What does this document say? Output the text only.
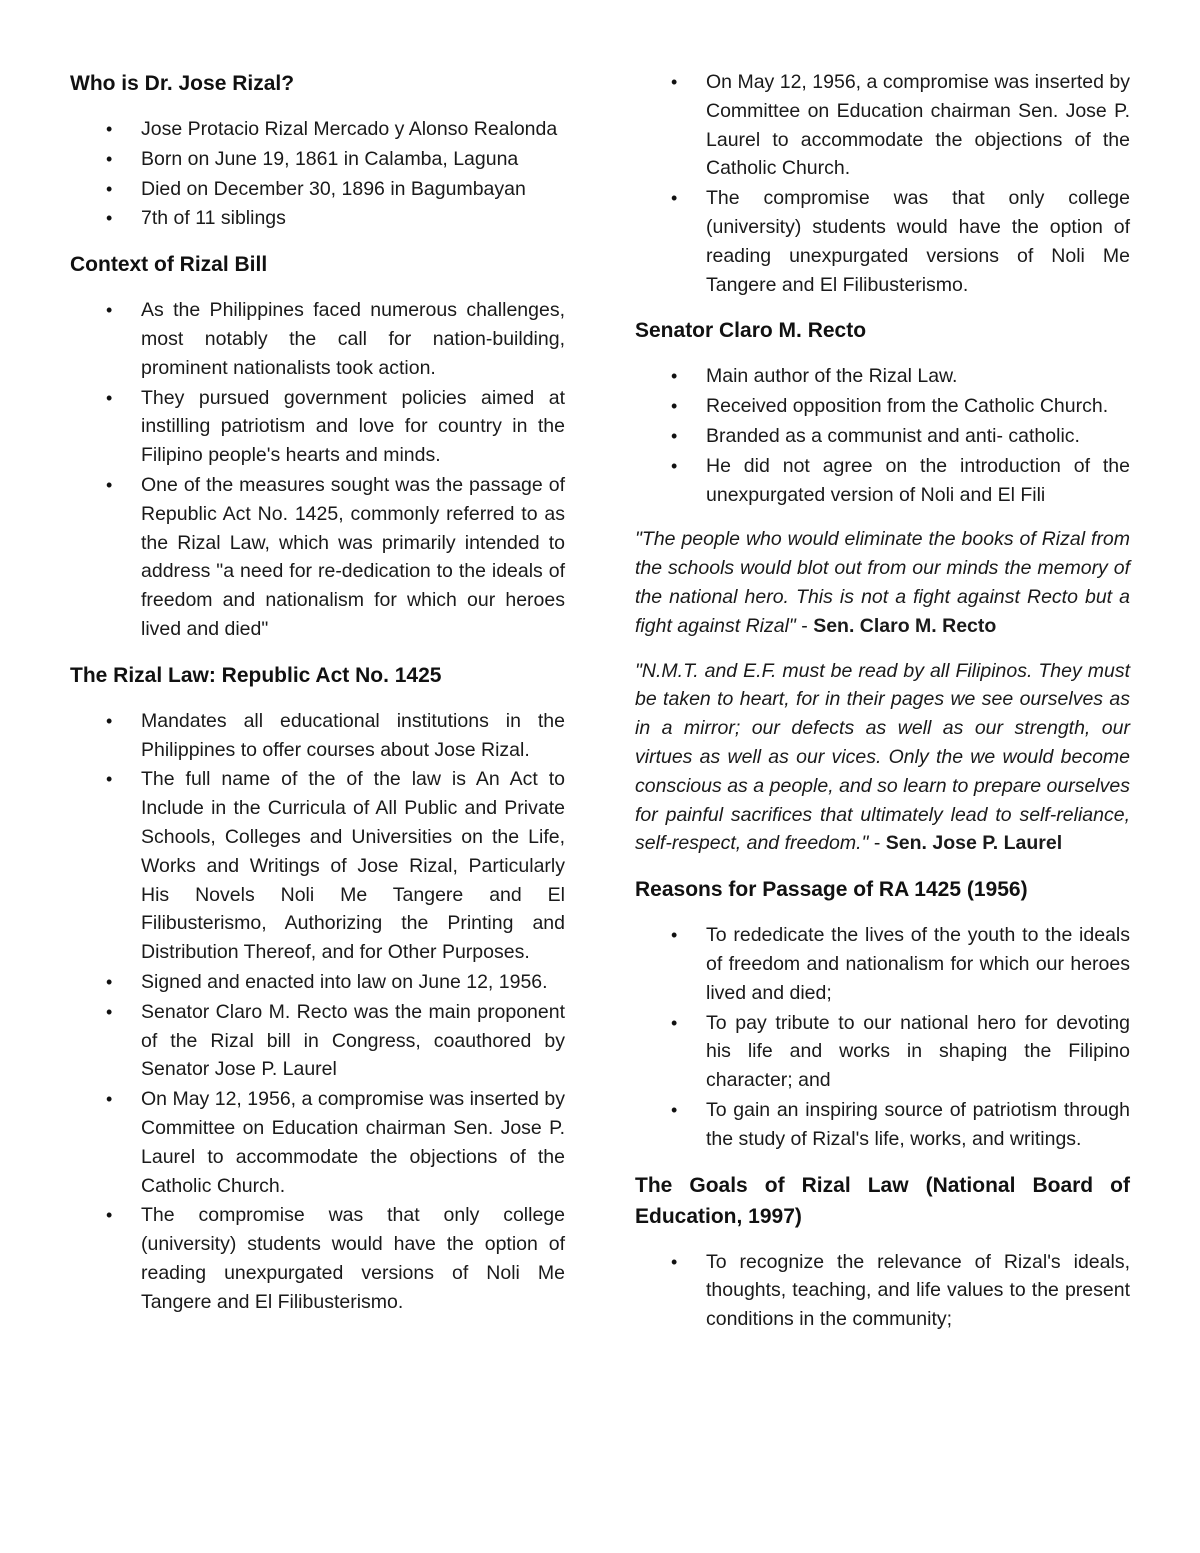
Who is Dr. Jose Rizal?
• Jose Protacio Rizal Mercado y Alonso Realonda
• Born on June 19, 1861 in Calamba, Laguna
• Died on December 30, 1896 in Bagumbayan
• 7th of 11 siblings
Context of Rizal Bill
• As the Philippines faced numerous challenges, most notably the call for nation-building, prominent nationalists took action.
• They pursued government policies aimed at instilling patriotism and love for country in the Filipino people's hearts and minds.
• One of the measures sought was the passage of Republic Act No. 1425, commonly referred to as the Rizal Law, which was primarily intended to address "a need for re-dedication to the ideals of freedom and nationalism for which our heroes lived and died"
The Rizal Law: Republic Act No. 1425
• Mandates all educational institutions in the Philippines to offer courses about Jose Rizal.
• The full name of the of the law is An Act to Include in the Curricula of All Public and Private Schools, Colleges and Universities on the Life, Works and Writings of Jose Rizal, Particularly His Novels Noli Me Tangere and El Filibusterismo, Authorizing the Printing and Distribution Thereof, and for Other Purposes.
• Signed and enacted into law on June 12, 1956.
• Senator Claro M. Recto was the main proponent of the Rizal bill in Congress, coauthored by Senator Jose P. Laurel
• On May 12, 1956, a compromise was inserted by Committee on Education chairman Sen. Jose P. Laurel to accommodate the objections of the Catholic Church.
• The compromise was that only college (university) students would have the option of reading unexpurgated versions of Noli Me Tangere and El Filibusterismo.
• On May 12, 1956, a compromise was inserted by Committee on Education chairman Sen. Jose P. Laurel to accommodate the objections of the Catholic Church.
• The compromise was that only college (university) students would have the option of reading unexpurgated versions of Noli Me Tangere and El Filibusterismo.
Senator Claro M. Recto
• Main author of the Rizal Law.
• Received opposition from the Catholic Church.
• Branded as a communist and anti- catholic.
• He did not agree on the introduction of the unexpurgated version of Noli and El Fili

"The people who would eliminate the books of Rizal from the schools would blot out from our minds the memory of the national hero. This is not a fight against Recto but a fight against Rizal" - Sen. Claro M. Recto

"N.M.T. and E.F. must be read by all Filipinos. They must be taken to heart, for in their pages we see ourselves as in a mirror; our defects as well as our strength, our virtues as well as our vices. Only the we would become conscious as a people, and so learn to prepare ourselves for painful sacrifices that ultimately lead to self-reliance, self-respect, and freedom." - Sen. Jose P. Laurel

Reasons for Passage of RA 1425 (1956)
• To rededicate the lives of the youth to the ideals of freedom and nationalism for which our heroes lived and died;
• To pay tribute to our national hero for devoting his life and works in shaping the Filipino character; and
• To gain an inspiring source of patriotism through the study of Rizal's life, works, and writings.
The Goals of Rizal Law (National Board of Education, 1997)
• To recognize the relevance of Rizal's ideals, thoughts, teaching, and life values to the present conditions in the community;
